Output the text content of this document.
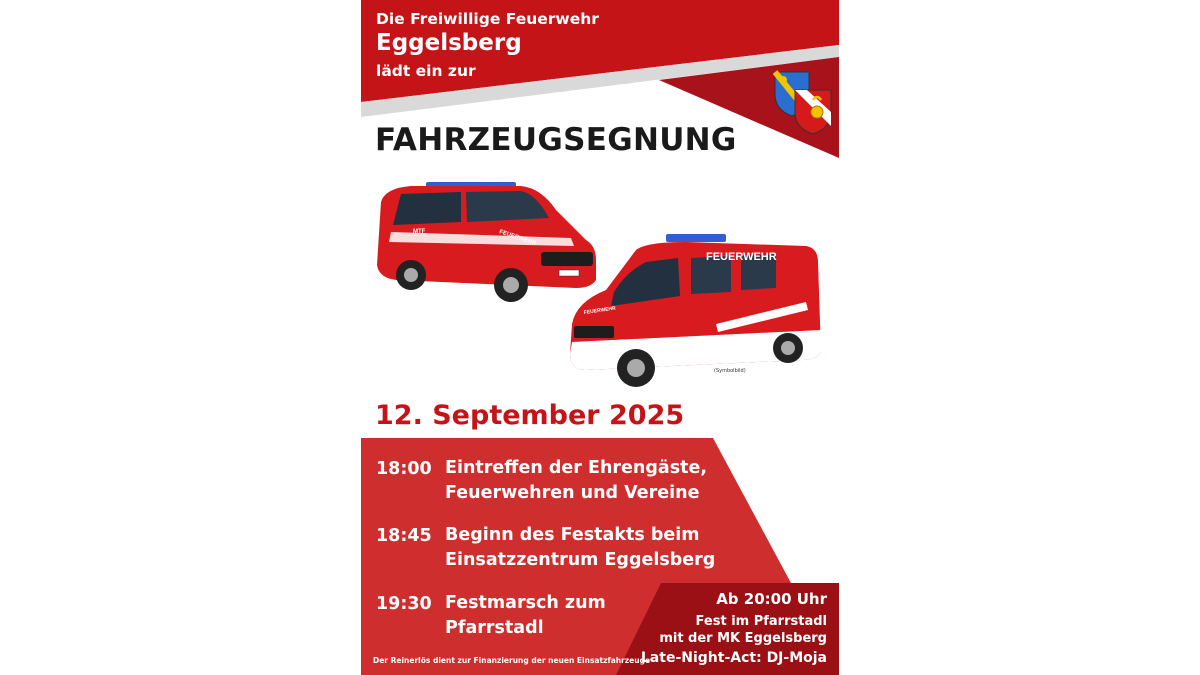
Die Freiwillige Feuerwehr
Eggelsberg
lädt ein zur
FAHRZEUGSEGNUNG
MTF	FEUERWEHR
FEUERWEHR
FEUERWEHR
(Symbolbild)
12. September 2025
18:00 Eintreffen der Ehrengäste, Feuerwehren und Vereine
18:45 Beginn des Festakts beim Einsatzzentrum Eggelsberg
19:30 Festmarsch zum Pfarrstadl
Ab 20:00 Uhr
Fest im Pfarrstadl
mit der MK Eggelsberg
Late-Night-Act: DJ-Moja
Der Reinerlös dient zur Finanzierung der neuen Einsatzfahrzeuge
